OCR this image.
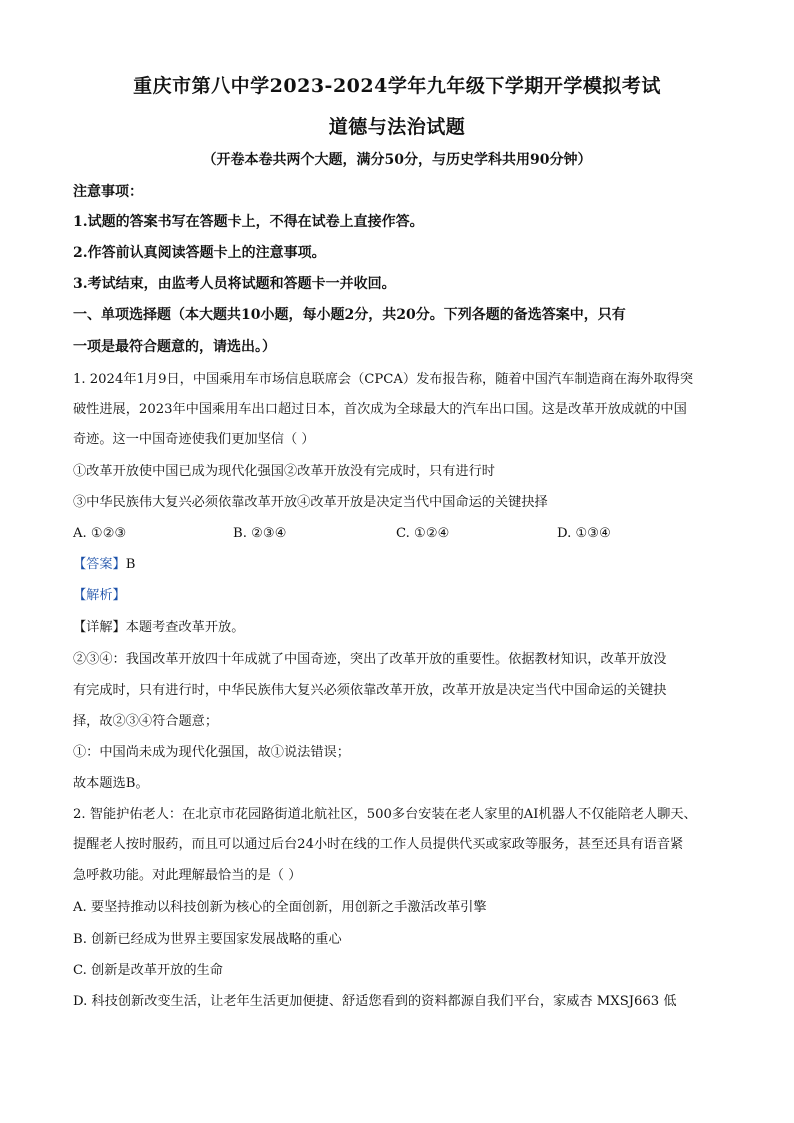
重庆市第八中学2023-2024学年九年级下学期开学模拟考试
道德与法治试题
（开卷本卷共两个大题，满分50分，与历史学科共用90分钟）
注意事项：
1.试题的答案书写在答题卡上，不得在试卷上直接作答。
2.作答前认真阅读答题卡上的注意事项。
3.考试结束，由监考人员将试题和答题卡一并收回。
一、单项选择题（本大题共10小题，每小题2分，共20分。下列各题的备选答案中，只有
一项是最符合题意的，请选出。）
1. 2024年1月9日，中国乘用车市场信息联席会（CPCA）发布报告称，随着中国汽车制造商在海外取得突
破性进展，2023年中国乘用车出口超过日本，首次成为全球最大的汽车出口国。这是改革开放成就的中国
奇迹。这一中国奇迹使我们更加坚信（ ）
①改革开放使中国已成为现代化强国②改革开放没有完成时，只有进行时
③中华民族伟大复兴必须依靠改革开放④改革开放是决定当代中国命运的关键抉择
A. ①②③	B. ②③④	C. ①②④	D. ①③④
【答案】B
【解析】
【详解】本题考查改革开放。
②③④：我国改革开放四十年成就了中国奇迹，突出了改革开放的重要性。依据教材知识，改革开放没
有完成时，只有进行时，中华民族伟大复兴必须依靠改革开放，改革开放是决定当代中国命运的关键抉
择，故②③④符合题意；
①：中国尚未成为现代化强国，故①说法错误；
故本题选B。
2. 智能护佑老人：在北京市花园路街道北航社区，500多台安装在老人家里的AI机器人不仅能陪老人聊天、
提醒老人按时服药，而且可以通过后台24小时在线的工作人员提供代买或家政等服务，甚至还具有语音紧
急呼救功能。对此理解最恰当的是（ ）
A. 要坚持推动以科技创新为核心的全面创新，用创新之手激活改革引擎
B. 创新已经成为世界主要国家发展战略的重心
C. 创新是改革开放的生命
D. 科技创新改变生活，让老年生活更加便捷、舒适您看到的资料都源自我们平台，家威杏 MXSJ663 低
